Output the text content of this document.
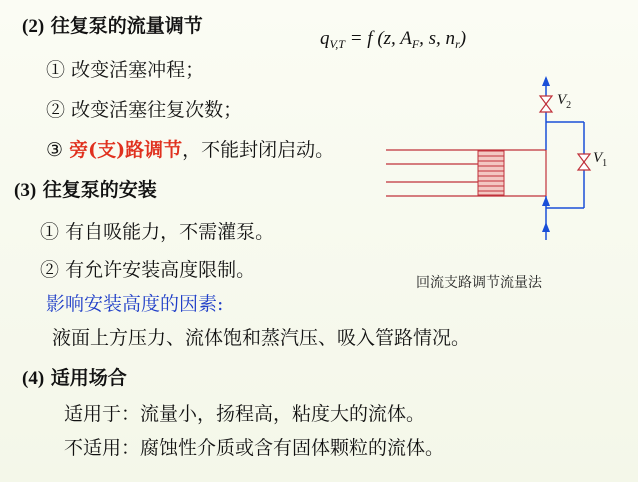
(2) 往复泵的流量调节
$q_{V,T} = f$ (z, $A_F$, s, $n_r$)
① 改变活塞冲程；
② 改变活塞往复次数；
③ 旁(支)路调节，不能封闭启动。
(3) 往复泵的安装
① 有自吸能力，不需灌泵。
② 有允许安装高度限制。
影响安装高度的因素:
液面上方压力、流体饱和蒸汽压、吸入管路情况。
(4) 适用场合
适用于：流量小，扬程高，粘度大的流体。
不适用：腐蚀性介质或含有固体颗粒的流体。
$V_2$
$V_1$
回流支路调节流量法
